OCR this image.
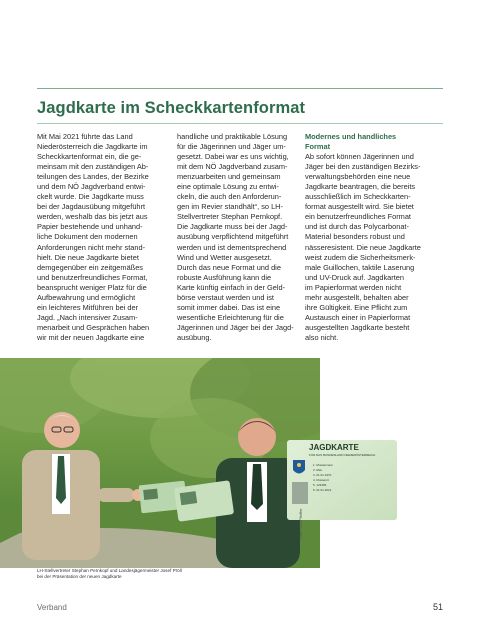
Jagdkarte im Scheckkartenformat

Mit Mai 2021 führte das Land
Niederösterreich die Jagdkarte im
Scheckkartenformat ein, die ge-
meinsam mit den zuständigen Ab-
teilungen des Landes, der Bezirke
und dem NÖ Jagdverband entwi-
ckelt wurde. Die Jagdkarte muss
bei der Jagdausübung mitgeführt
werden, weshalb das bis jetzt aus
Papier bestehende und unhand-
liche Dokument den modernen
Anforderungen nicht mehr stand-
hielt. Die neue Jagdkarte bietet
demgegenüber ein zeitgemäßes
und benutzerfreundliches Format,
beansprucht weniger Platz für die
Aufbewahrung und ermöglicht
ein leichteres Mitführen bei der
Jagd. „Nach intensiver Zusam-
menarbeit und Gesprächen haben
wir mit der neuen Jagdkarte eine

handliche und praktikable Lösung
für die Jägerinnen und Jäger um-
gesetzt. Dabei war es uns wichtig,
mit dem NÖ Jagdverband zusam-
menzuarbeiten und gemeinsam
eine optimale Lösung zu entwi-
ckeln, die auch den Anforderun-
gen im Revier standhält“, so LH-
Stellvertreter Stephan Pernkopf.
Die Jagdkarte muss bei der Jagd-
ausübung verpflichtend mitgeführt
werden und ist dementsprechend
Wind und Wetter ausgesetzt.
Durch das neue Format und die
robuste Ausführung kann die
Karte künftig einfach in der Geld-
börse verstaut werden und ist
somit immer dabei. Das ist eine
wesentliche Erleichterung für die
Jägerinnen und Jäger bei der Jagd-
ausübung.

Modernes und handliches
Format

Ab sofort können Jägerinnen und
Jäger bei den zuständigen Bezirks-
verwaltungsbehörden eine neue
Jagdkarte beantragen, die bereits
ausschließlich im Scheckkarten-
format ausgestellt wird. Sie bietet
ein benutzerfreundliches Format
und ist durch das Polycarbonat-
Material besonders robust und
nässeresistent. Die neue Jagdkarte
weist zudem die Sicherheitsmerk-
male Guillochen, taktile Laserung
und UV-Druck auf. Jagdkarten
im Papierformat werden nicht
mehr ausgestellt, behalten aber
ihre Gültigkeit. Eine Pflicht zum
Austausch einer in Papierformat
ausgestellten Jagdkarte besteht
also nicht.

JAGDKARTE
FÜR DAS BUNDESLAND NIEDERÖSTERREICH
1. Mustermann 2. Max 3. 01.01.1970 4. Musterort 5. 123456 6. 01.01.2021
Foto: NLK/Pfeiffer

LH-Stellvertreter Stephan Pernkopf und Landesjägermeister Josef Pröll
bei der Präsentation der neuen Jagdkarte

Verband	51
